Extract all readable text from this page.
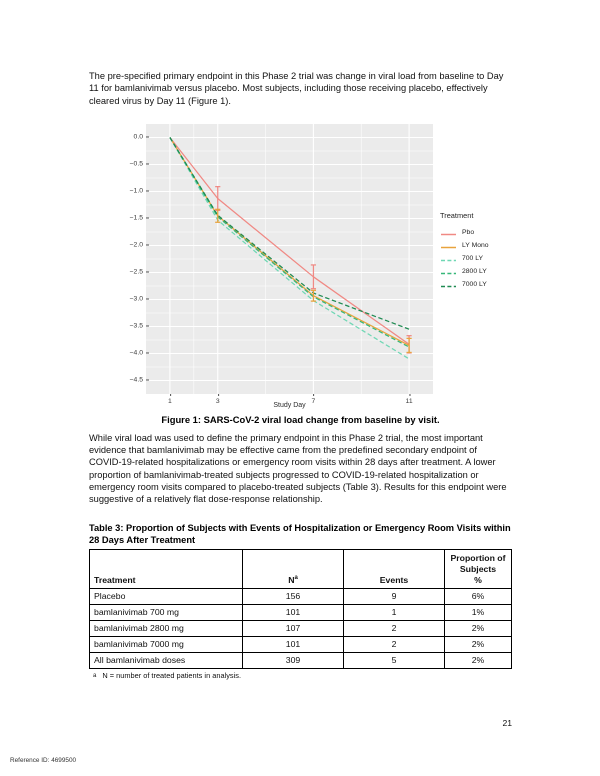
The pre-specified primary endpoint in this Phase 2 trial was change in viral load from baseline to Day 11 for bamlanivimab versus placebo. Most subjects, including those receiving placebo, effectively cleared virus by Day 11 (Figure 1).

Study Day
0.0
−0.5
−1.0
−1.5
−2.0
−2.5
−3.0
−3.5
−4.0
−4.5
1	3	7	11
Treatment
Pbo
LY Mono
700 LY
2800 LY
7000 LY
Figure 1: SARS-CoV-2 viral load change from baseline by visit.

While viral load was used to define the primary endpoint in this Phase 2 trial, the most important evidence that bamlanivimab may be effective came from the predefined secondary endpoint of COVID-19-related hospitalizations or emergency room visits within 28 days after treatment. A lower proportion of bamlanivimab-treated subjects progressed to COVID-19-related hospitalization or emergency room visits compared to placebo-treated subjects (Table 3). Results for this endpoint were suggestive of a relatively flat dose-response relationship.

Table 3: Proportion of Subjects with Events of Hospitalization or Emergency Room Visits within 28 Days After Treatment
Treatment	$N^a$	Events	Proportion of
Subjects
%

Placebo	156	9	6%
bamlanivimab 700 mg	101	1	1%
bamlanivimab 2800 mg	107	2	2%
bamlanivimab 7000 mg	101	2	2%
All bamlanivimab doses	309	5	2%
a N = number of treated patients in analysis.
21
Reference ID: 4699500
